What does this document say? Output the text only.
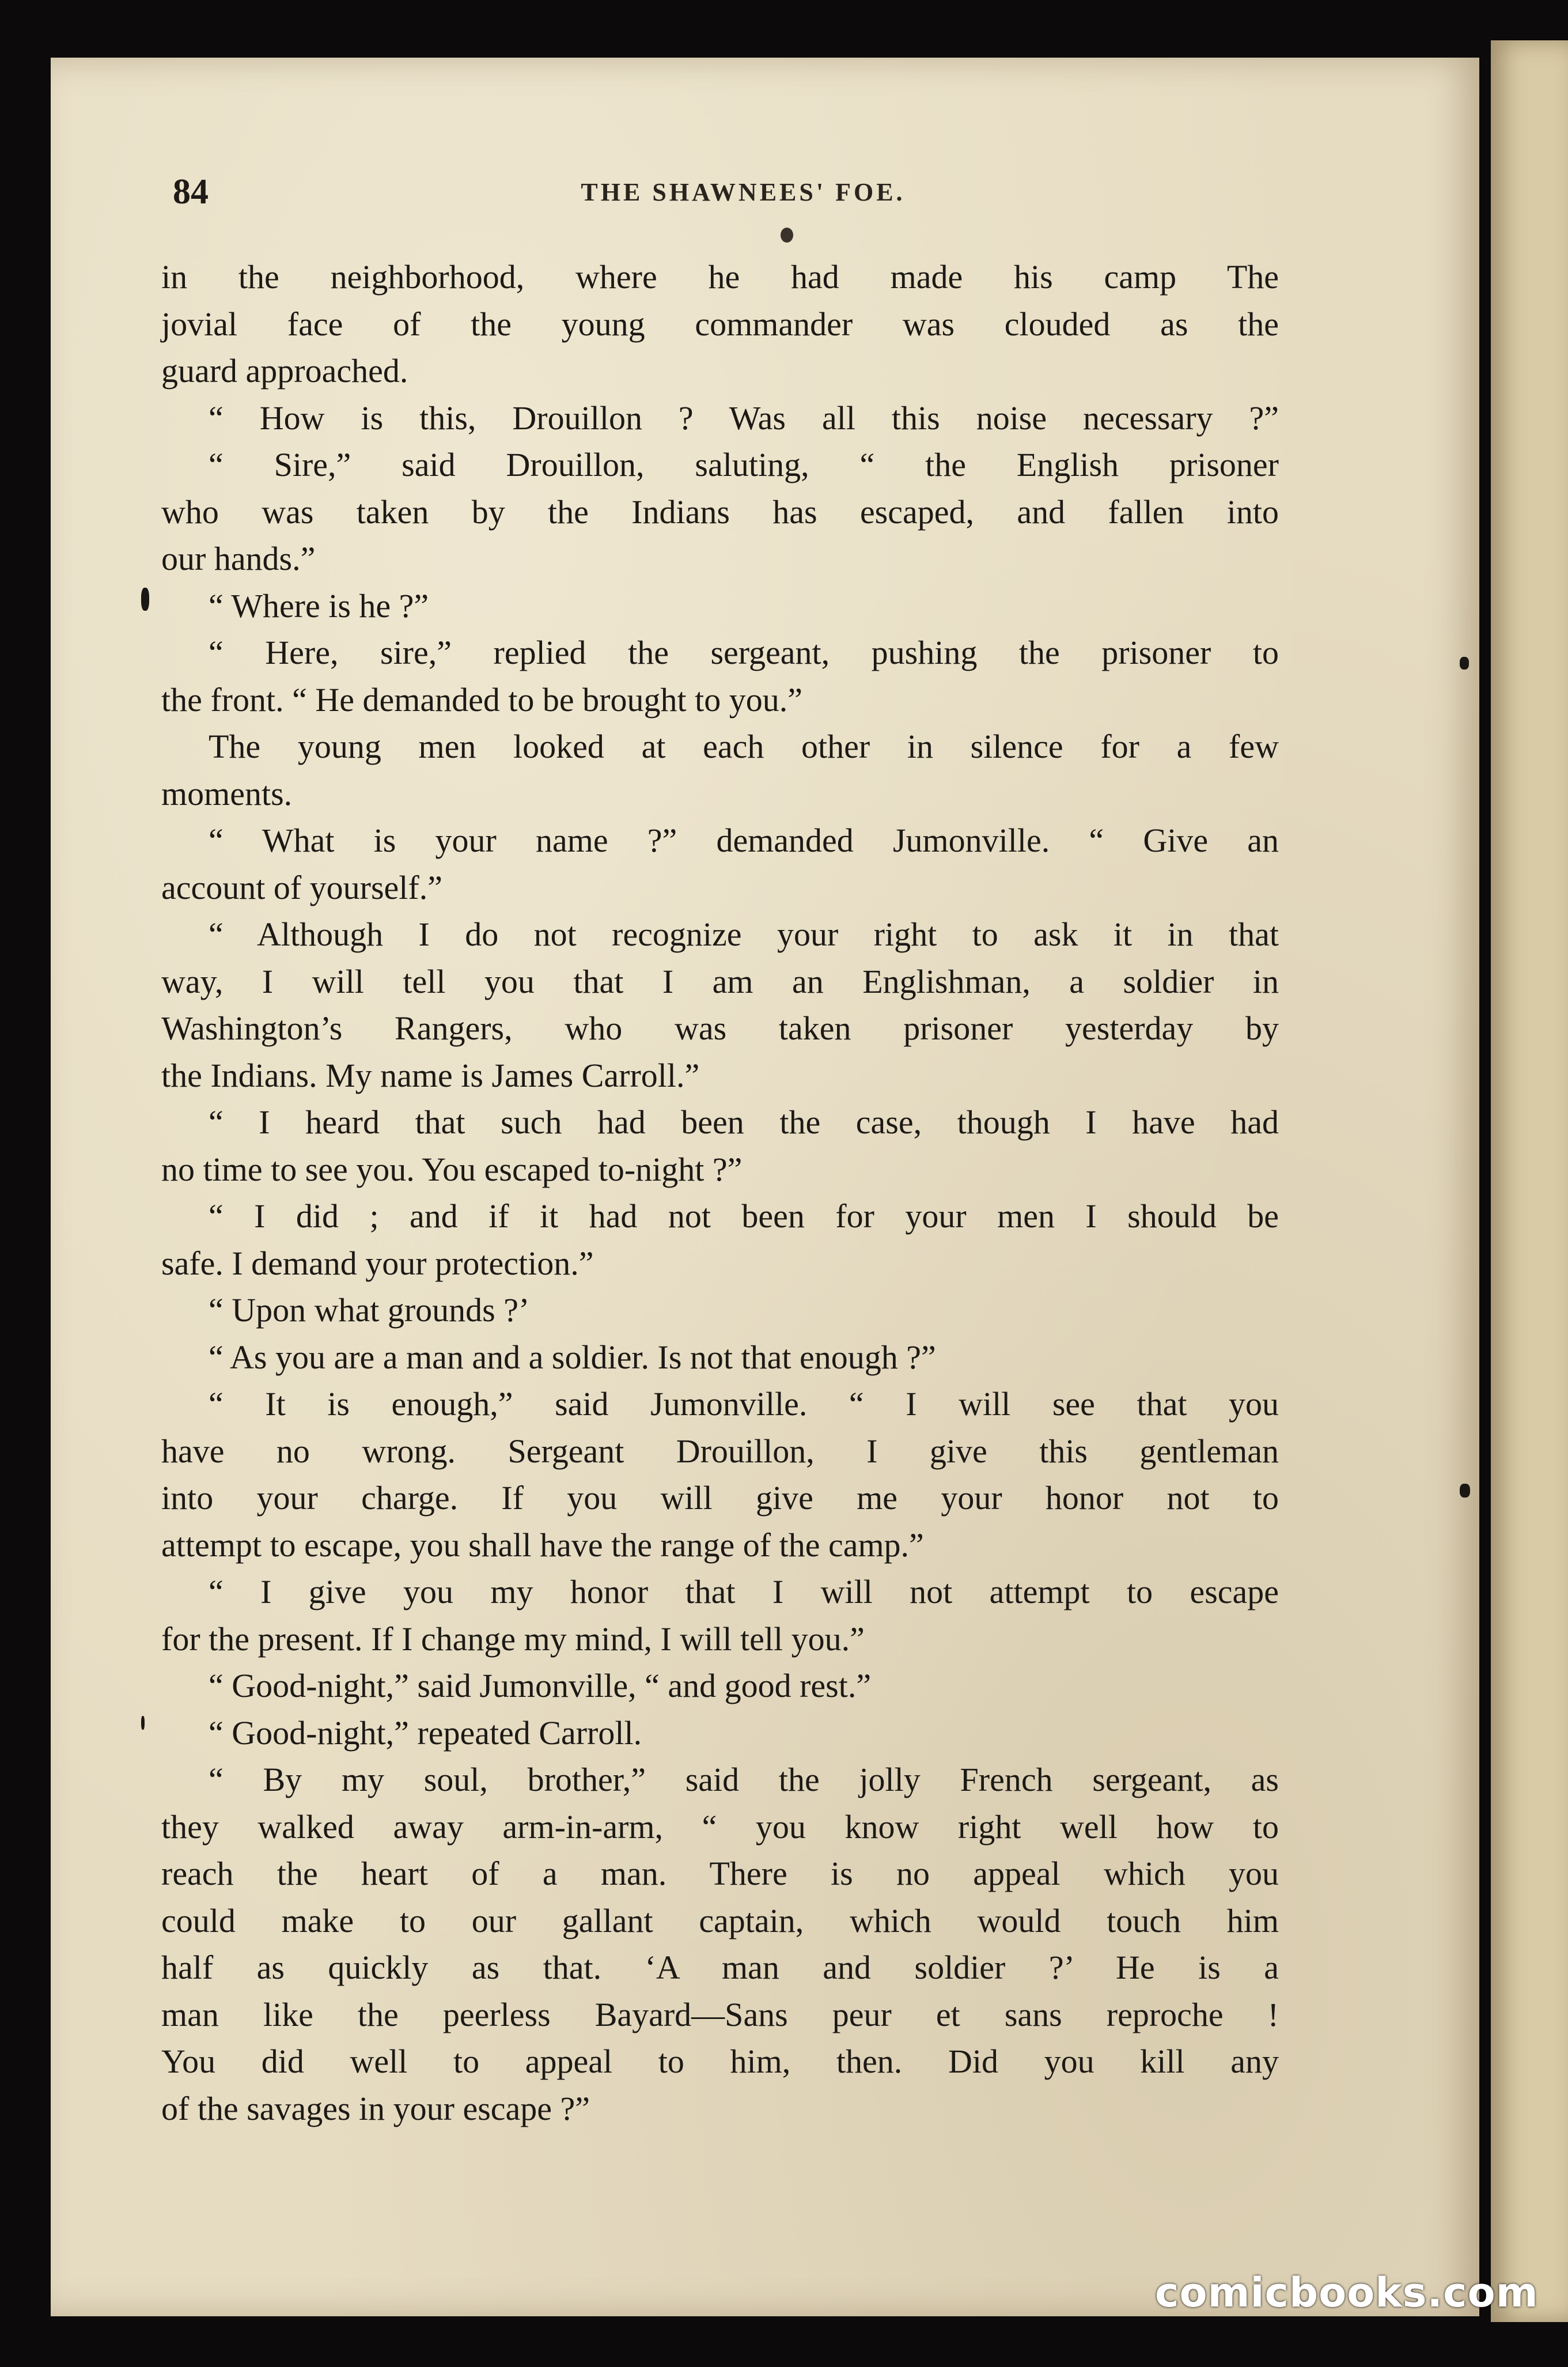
84	THE SHAWNEES' FOE.
in the neighborhood, where he had made his camp The
jovial face of the young commander was clouded as the
guard approached.
“ How is this, Drouillon ? Was all this noise necessary ?”
“ Sire,” said Drouillon, saluting, “ the English prisoner
who was taken by the Indians has escaped, and fallen into
our hands.”
“ Where is he ?”
“ Here, sire,” replied the sergeant, pushing the prisoner to
the front. “ He demanded to be brought to you.”
The young men looked at each other in silence for a few
moments.
“ What is your name ?” demanded Jumonville. “ Give an
account of yourself.”
“ Although I do not recognize your right to ask it in that
way, I will tell you that I am an Englishman, a soldier in
Washington’s Rangers, who was taken prisoner yesterday by
the Indians. My name is James Carroll.”
“ I heard that such had been the case, though I have had
no time to see you. You escaped to-night ?”
“ I did ; and if it had not been for your men I should be
safe. I demand your protection.”
“ Upon what grounds ?’
“ As you are a man and a soldier. Is not that enough ?”
“ It is enough,” said Jumonville. “ I will see that you
have no wrong. Sergeant Drouillon, I give this gentleman
into your charge. If you will give me your honor not to
attempt to escape, you shall have the range of the camp.”
“ I give you my honor that I will not attempt to escape
for the present. If I change my mind, I will tell you.”
“ Good-night,” said Jumonville, “ and good rest.”
“ Good-night,” repeated Carroll.
“ By my soul, brother,” said the jolly French sergeant, as
they walked away arm-in-arm, “ you know right well how to
reach the heart of a man. There is no appeal which you
could make to our gallant captain, which would touch him
half as quickly as that. ‘A man and soldier ?’ He is a
man like the peerless Bayard—Sans peur et sans reproche !
You did well to appeal to him, then. Did you kill any
of the savages in your escape ?”
comicbooks.com
